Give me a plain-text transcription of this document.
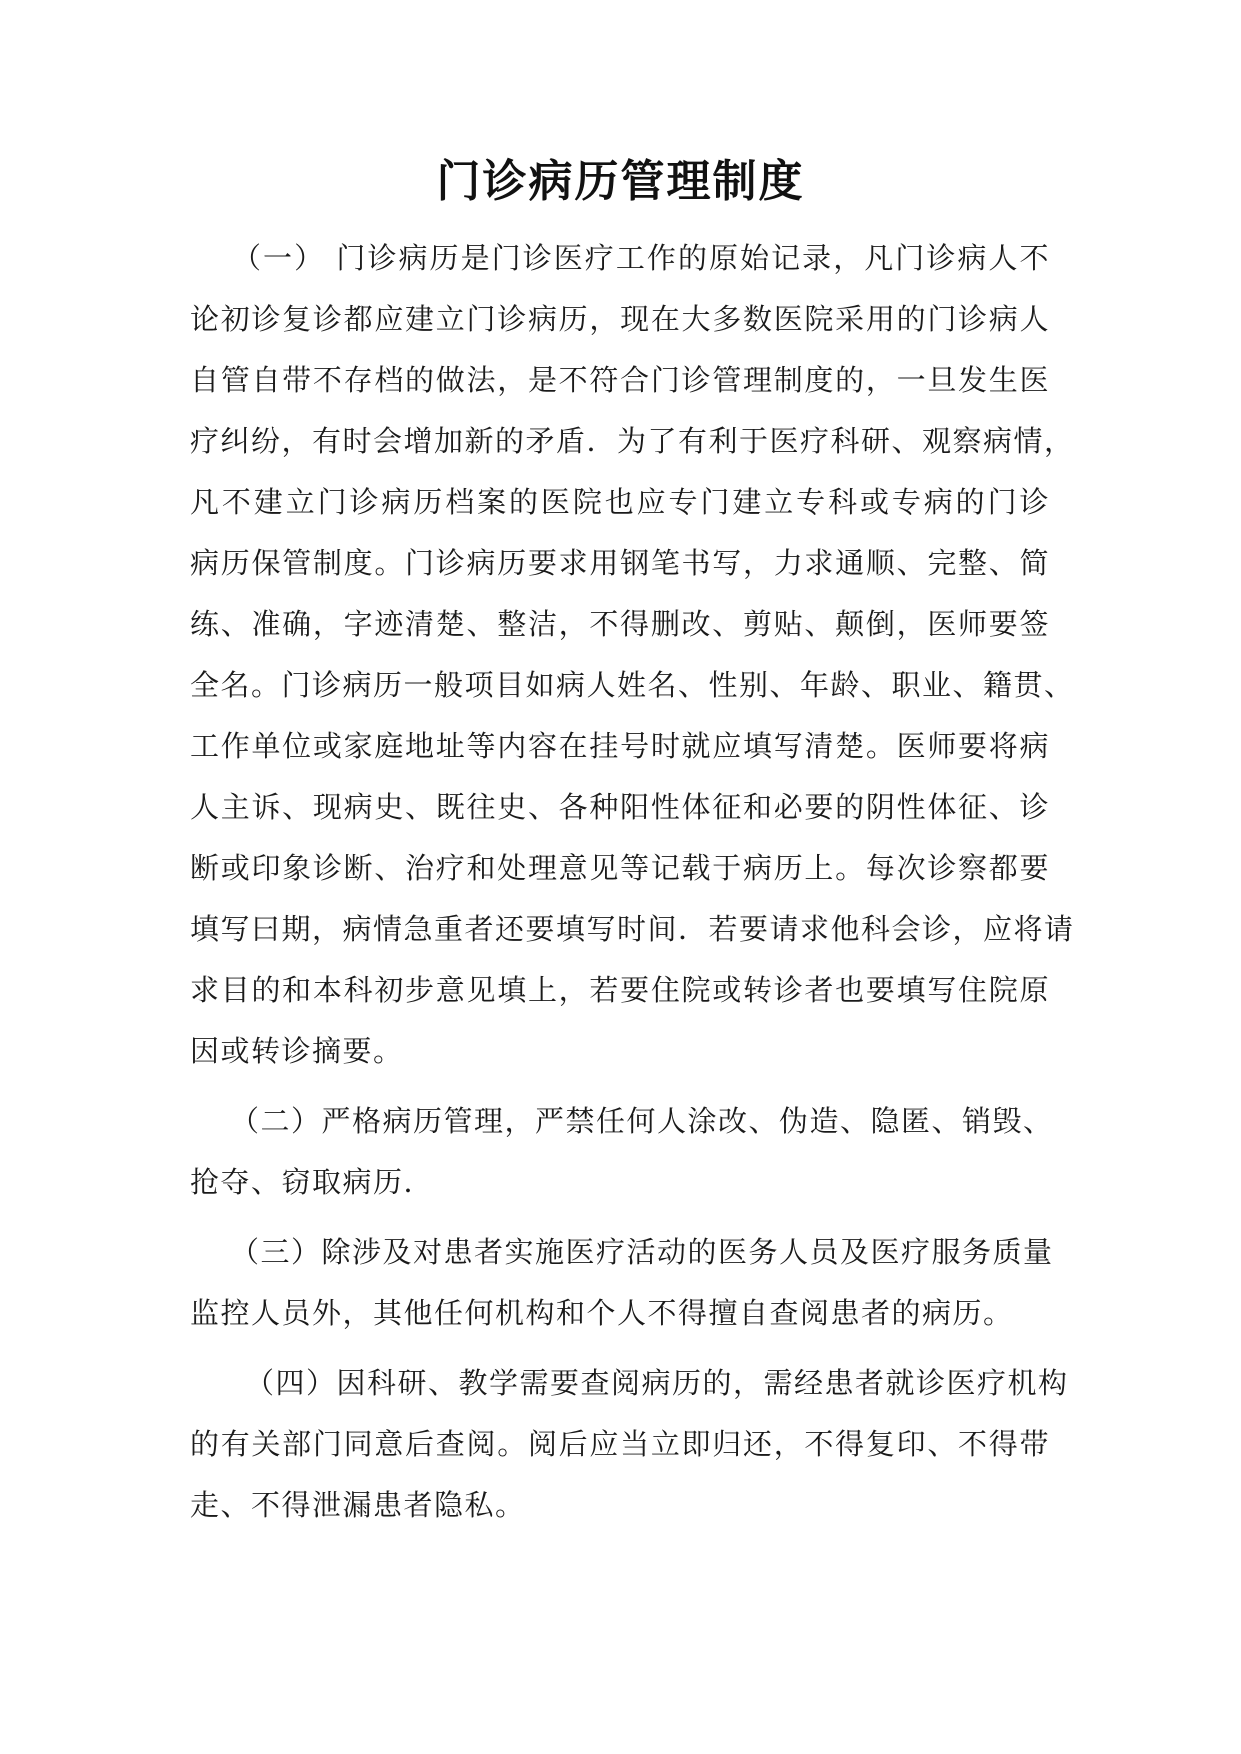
门诊病历管理制度
（一） 门诊病历是门诊医疗工作的原始记录，凡门诊病人不
论初诊复诊都应建立门诊病历，现在大多数医院采用的门诊病人
自管自带不存档的做法，是不符合门诊管理制度的，一旦发生医
疗纠纷，有时会增加新的矛盾．为了有利于医疗科研、观察病情，
凡不建立门诊病历档案的医院也应专门建立专科或专病的门诊
病历保管制度。门诊病历要求用钢笔书写，力求通顺、完整、简
练、准确，字迹清楚、整洁，不得删改、剪贴、颠倒，医师要签
全名。门诊病历一般项目如病人姓名、性别、年龄、职业、籍贯、
工作单位或家庭地址等内容在挂号时就应填写清楚。医师要将病
人主诉、现病史、既往史、各种阳性体征和必要的阴性体征、诊
断或印象诊断、治疗和处理意见等记载于病历上。每次诊察都要
填写曰期，病情急重者还要填写时间．若要请求他科会诊，应将请
求目的和本科初步意见填上，若要住院或转诊者也要填写住院原
因或转诊摘要。
（二）严格病历管理，严禁任何人涂改、伪造、隐匿、销毁、
抢夺、窃取病历．
（三）除涉及对患者实施医疗活动的医务人员及医疗服务质量
监控人员外，其他任何机构和个人不得擅自查阅患者的病历。
（四）因科研、教学需要查阅病历的，需经患者就诊医疗机构
的有关部门同意后查阅。阅后应当立即归还，不得复印、不得带
走、不得泄漏患者隐私。
